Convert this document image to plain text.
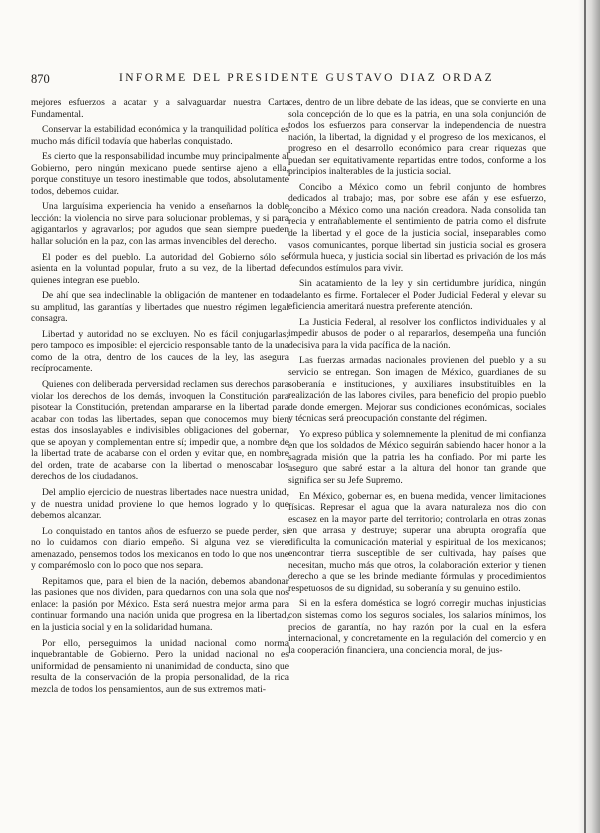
870	INFORME DEL PRESIDENTE GUSTAVO DIAZ ORDAZ

mejores esfuerzos a acatar y a salvaguardar nuestra Carta Fundamental.

Conservar la estabilidad económica y la tranquilidad política es mucho más difícil todavía que haberlas conquistado.

Es cierto que la responsabilidad incumbe muy principalmente al Gobierno, pero ningún mexicano puede sentirse ajeno a ella, porque constituye un tesoro inestimable que todos, absolutamente todos, debemos cuidar.

Una larguísima experiencia ha venido a enseñarnos la doble lección: la violencia no sirve para solucionar problemas, y si para agigantarlos y agravarlos; por agudos que sean siempre pueden hallar solución en la paz, con las armas invencibles del derecho.

El poder es del pueblo. La autoridad del Gobierno sólo se asienta en la voluntad popular, fruto a su vez, de la libertad de quienes integran ese pueblo.

De ahí que sea indeclinable la obligación de mantener en toda su amplitud, las garantías y libertades que nuestro régimen legal consagra.

Libertad y autoridad no se excluyen. No es fácil conjugarlas; pero tampoco es imposible: el ejercicio responsable tanto de la una como de la otra, dentro de los cauces de la ley, las asegura recíprocamente.

Quienes con deliberada perversidad reclamen sus derechos para violar los derechos de los demás, invoquen la Constitución para pisotear la Constitución, pretendan ampararse en la libertad para acabar con todas las libertades, sepan que conocemos muy bien estas dos insoslayables e indivisibles obligaciones del gobernar, que se apoyan y complementan entre sí; impedir que, a nombre de la libertad trate de acabarse con el orden y evitar que, en nombre del orden, trate de acabarse con la libertad o menoscabar los derechos de los ciudadanos.

Del amplio ejercicio de nuestras libertades nace nuestra unidad, y de nuestra unidad proviene lo que hemos logrado y lo que debemos alcanzar.

Lo conquistado en tantos años de esfuerzo se puede perder, si no lo cuidamos con diario empeño. Si alguna vez se viere amenazado, pensemos todos los mexicanos en todo lo que nos une y comparémoslo con lo poco que nos separa.

Repitamos que, para el bien de la nación, debemos abandonar las pasiones que nos dividen, para quedarnos con una sola que nos enlace: la pasión por México. Esta será nuestra mejor arma para continuar formando una nación unida que progresa en la libertad, en la justicia social y en la solidaridad humana.

Por ello, perseguimos la unidad nacional como norma inquebrantable de Gobierno. Pero la unidad nacional no es uniformidad de pensamiento ni unanimidad de conducta, sino que resulta de la conservación de la propia personalidad, de la rica mezcla de todos los pensamientos, aun de sus extremos mati-

ces, dentro de un libre debate de las ideas, que se convierte en una sola concepción de lo que es la patria, en una sola conjunción de todos los esfuerzos para conservar la independencia de nuestra nación, la libertad, la dignidad y el progreso de los mexicanos, el progreso en el desarrollo económico para crear riquezas que puedan ser equitativamente repartidas entre todos, conforme a los principios inalterables de la justicia social.

Concibo a México como un febril conjunto de hombres dedicados al trabajo; mas, por sobre ese afán y ese esfuerzo, concibo a México como una nación creadora. Nada consolida tan recia y entrañablemente el sentimiento de patria como el disfrute de la libertad y el goce de la justicia social, inseparables como vasos comunicantes, porque libertad sin justicia social es grosera fórmula hueca, y justicia social sin libertad es privación de los más fecundos estímulos para vivir.

Sin acatamiento de la ley y sin certidumbre jurídica, ningún adelanto es firme. Fortalecer el Poder Judicial Federal y elevar su eficiencia ameritará nuestra preferente atención.

La Justicia Federal, al resolver los conflictos individuales y al impedir abusos de poder o al repararlos, desempeña una función decisiva para la vida pacífica de la nación.

Las fuerzas armadas nacionales provienen del pueblo y a su servicio se entregan. Son imagen de México, guardianes de su soberanía e instituciones, y auxiliares insubstituibles en la realización de las labores civiles, para beneficio del propio pueblo de donde emergen. Mejorar sus condiciones económicas, sociales y técnicas será preocupación constante del régimen.

Yo expreso pública y solemnemente la plenitud de mi confianza en que los soldados de México seguirán sabiendo hacer honor a la sagrada misión que la patria les ha confiado. Por mi parte les aseguro que sabré estar a la altura del honor tan grande que significa ser su Jefe Supremo.

En México, gobernar es, en buena medida, vencer limitaciones físicas. Represar el agua que la avara naturaleza nos dio con escasez en la mayor parte del territorio; controlarla en otras zonas en que arrasa y destruye; superar una abrupta orografía que dificulta la comunicación material y espiritual de los mexicanos; encontrar tierra susceptible de ser cultivada, hay países que necesitan, mucho más que otros, la colaboración exterior y tienen derecho a que se les brinde mediante fórmulas y procedimientos respetuosos de su dignidad, su soberanía y su genuino estilo.

Si en la esfera doméstica se logró corregir muchas injusticias con sistemas como los seguros sociales, los salarios mínimos, los precios de garantía, no hay razón por la cual en la esfera internacional, y concretamente en la regulación del comercio y en la cooperación financiera, una conciencia moral, de jus-
